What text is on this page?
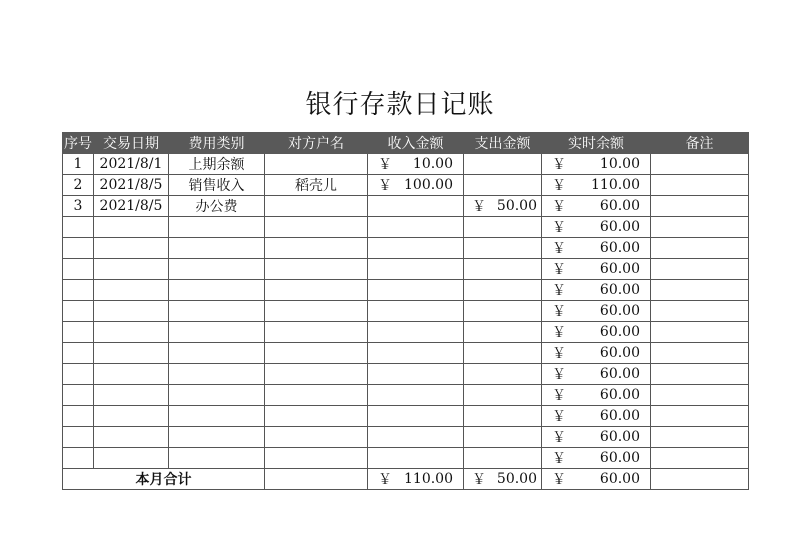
银行存款日记账
序号	交易日期	费用类别	对方户名	收入金额	支出金额	实时余额	备注
1	2021/8/1	上期余额		￥ 10.00		￥ 10.00	

2	2021/8/5	销售收入	稻壳儿	￥ 100.00		￥ 110.00	

3	2021/8/5	办公费			￥ 50.00	￥ 60.00	

						￥ 60.00	

						￥ 60.00	

						￥ 60.00	

						￥ 60.00	

						￥ 60.00	

						￥ 60.00	

						￥ 60.00	

						￥ 60.00	

						￥ 60.00	

						￥ 60.00	

						￥ 60.00	

						￥ 60.00	

本月合计				￥ 110.00	￥ 50.00	￥ 60.00	
